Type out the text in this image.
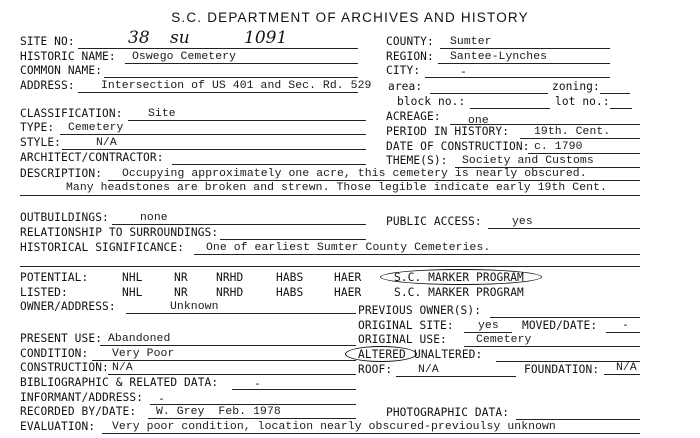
S.C. DEPARTMENT OF ARCHIVES AND HISTORY
SITE NO:	38 su	1091
HISTORIC NAME: Oswego Cemetery
COMMON NAME:
ADDRESS: Intersection of US 401 and Sec. Rd. 529
COUNTY: Sumter
REGION: Santee-Lynches
CITY:	-
area:	zoning:
block no.:	lot no.:
CLASSIFICATION: Site
TYPE: Cemetery
STYLE:	N/A
ARCHITECT/CONTRACTOR:
ACREAGE: one
PERIOD IN HISTORY: 19th. Cent.
DATE OF CONSTRUCTION: c. 1790
THEME(S): Society and Customs
DESCRIPTION: Occupying approximately one acre, this cemetery is nearly obscured.
Many headstones are broken and strewn. Those legible indicate early 19th Cent.
OUTBUILDINGS:	none	PUBLIC ACCESS:	yes
RELATIONSHIP TO SURROUNDINGS:
HISTORICAL SIGNIFICANCE: One of earliest Sumter County Cemeteries.
POTENTIAL:	NHL	NR	NRHD	HABS	HAER	S.C. MARKER PROGRAM
LISTED:	NHL	NR	NRHD	HABS	HAER	S.C. MARKER PROGRAM
OWNER/ADDRESS:	Unknown	PREVIOUS OWNER(S):
ORIGINAL SITE: yes MOVED/DATE: -
PRESENT USE: Abandoned	ORIGINAL USE:	Cemetery
CONDITION: Very Poor	ALTERED UNALTERED:
CONSTRUCTION: N/A	ROOF: N/A	FOUNDATION: N/A
BIBLIOGRAPHIC & RELATED DATA:	-
INFORMANT/ADDRESS: -
RECORDED BY/DATE: W. Grey  Feb. 1978	PHOTOGRAPHIC DATA:
EVALUATION: Very poor condition, location nearly obscured-previoulsy unknown
